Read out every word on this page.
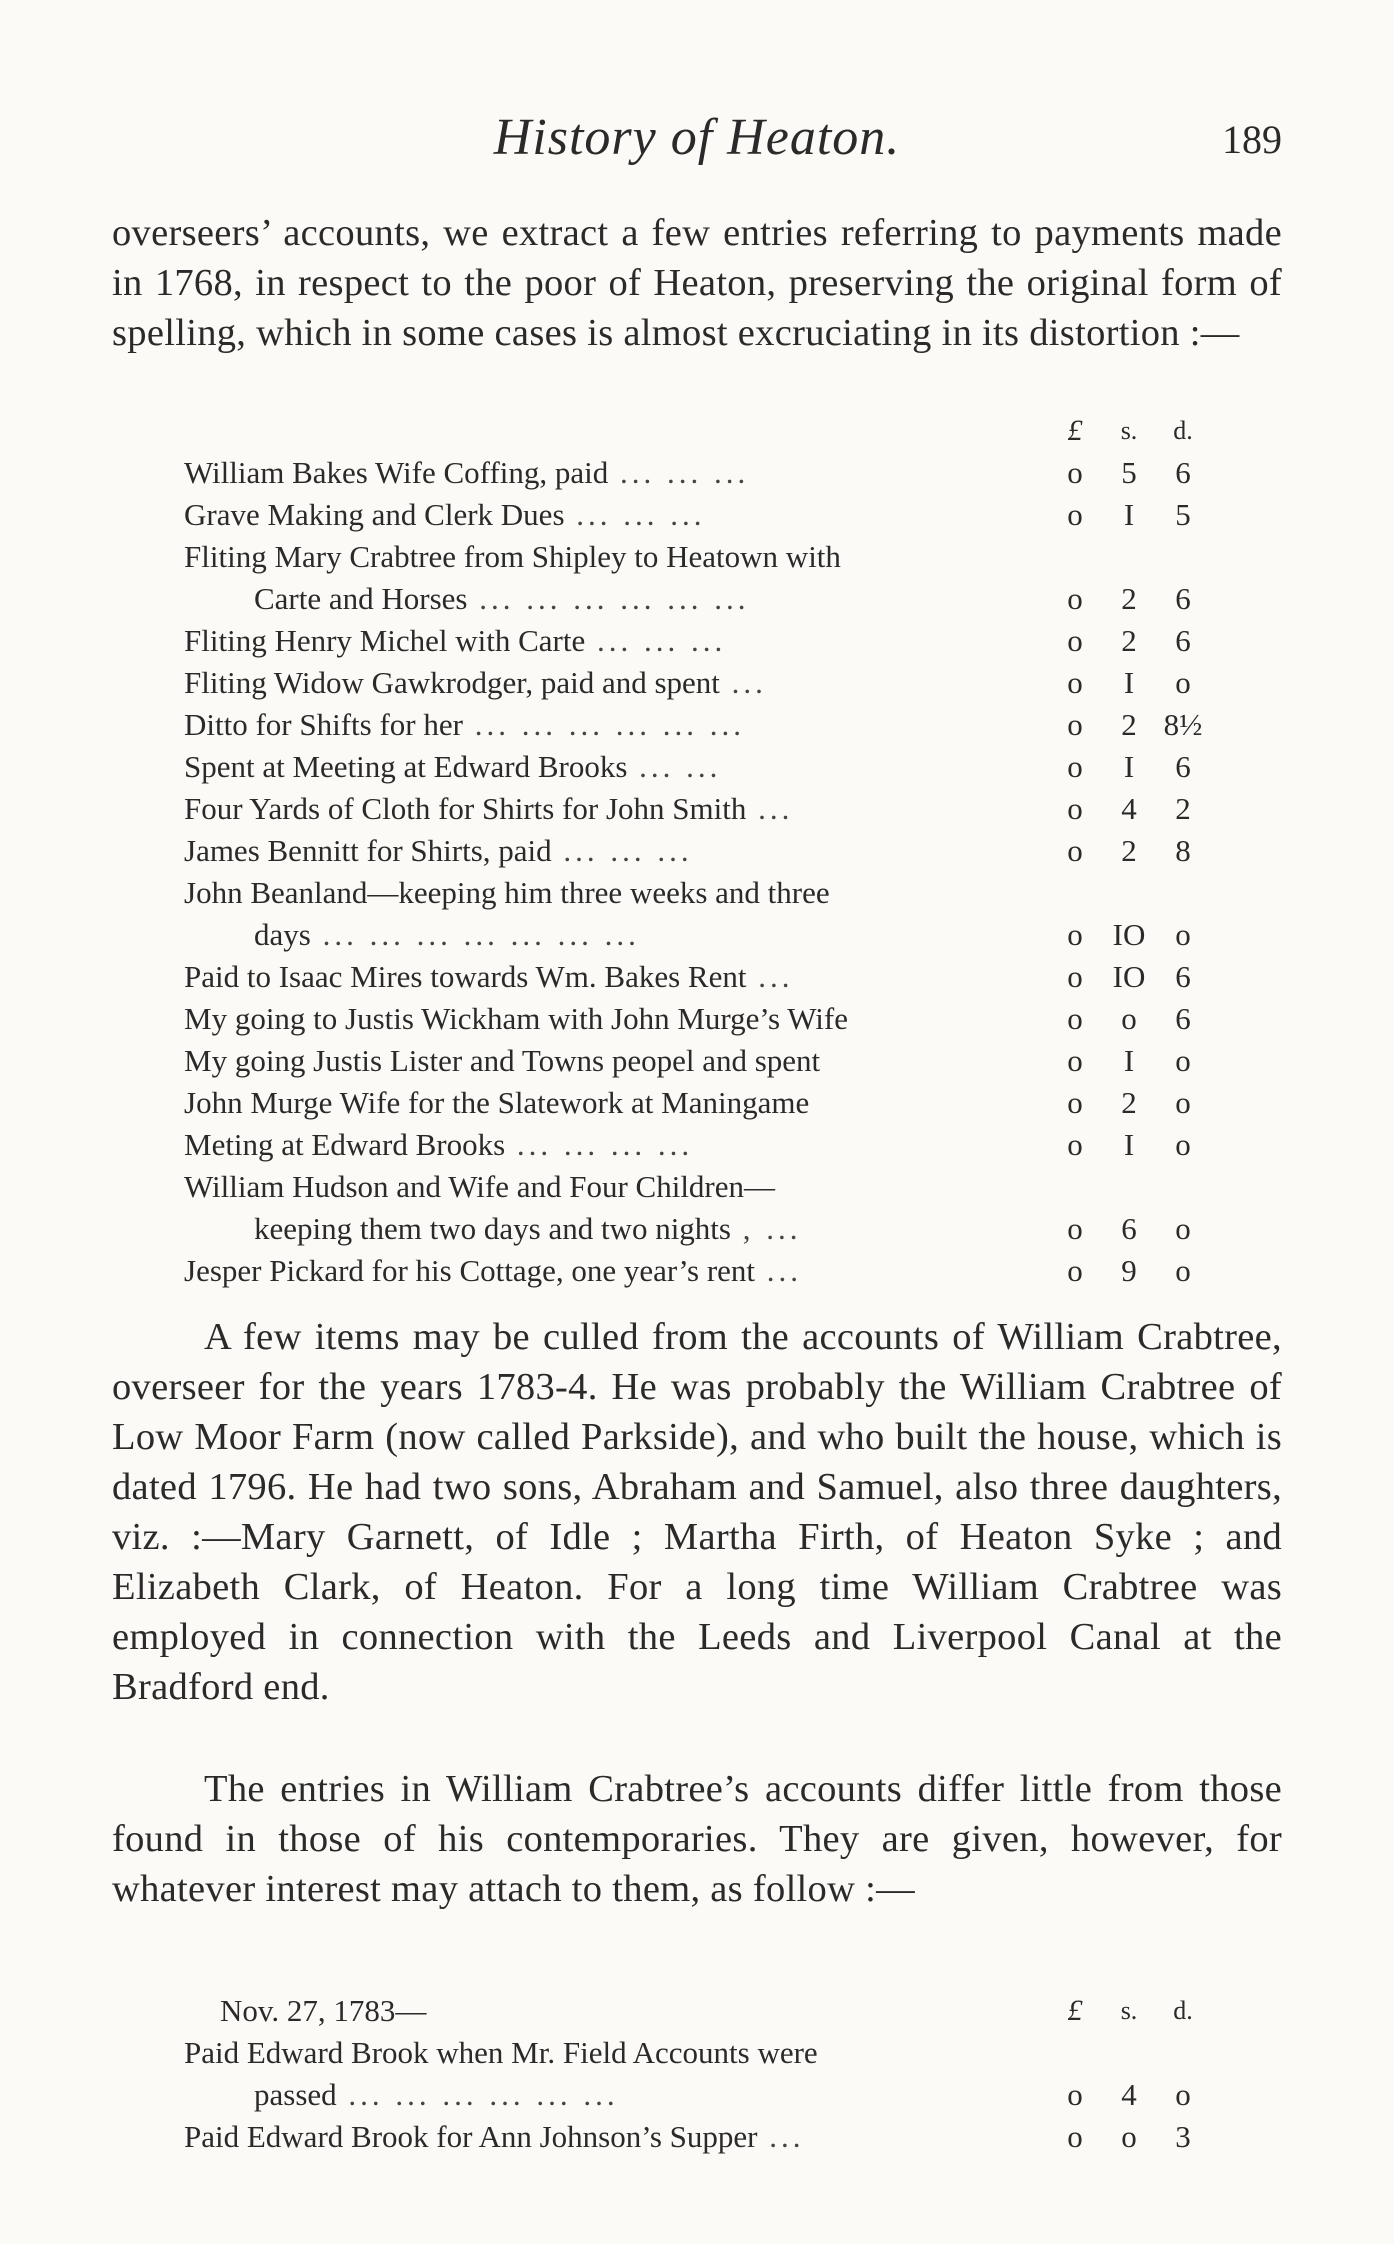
History of Heaton.	189

overseers’ accounts, we extract a few entries referring to payments made in 1768, in respect to the poor of Heaton, preserving the original form of spelling, which in some cases is almost excruciating in its distortion :—

£	s.	d.
William Bakes Wife Coffing, paid ... ... ...	o	5	6
Grave Making and Clerk Dues ... ... ...	o	I	5
Fliting Mary Crabtree from Shipley to Heatown with
Carte and Horses ... ... ... ... ... ...	o	2	6
Fliting Henry Michel with Carte ... ... ...	o	2	6
Fliting Widow Gawkrodger, paid and spent ...	o	I	o
Ditto for Shifts for her ... ... ... ... ... ...	o	2 8½
Spent at Meeting at Edward Brooks ... ...	o	I	6
Four Yards of Cloth for Shirts for John Smith ...	o	4	2
James Bennitt for Shirts, paid ... ... ...	o	2	8
John Beanland—keeping him three weeks and three
days ... ... ... ... ... ... ...	o IO o
Paid to Isaac Mires towards Wm. Bakes Rent ...	o IO 6
My going to Justis Wickham with John Murge’s Wife	o	o	6
My going Justis Lister and Towns peopel and spent	o	I	o
John Murge Wife for the Slatework at Maningame	o	2	o
Meting at Edward Brooks ... ... ... ...	o	I	o
William Hudson and Wife and Four Children—
keeping them two days and two nights , ...	o	6	o
Jesper Pickard for his Cottage, one year’s rent ...	o	9	o

A few items may be culled from the accounts of William Crabtree, overseer for the years 1783-4. He was probably the William Crabtree of Low Moor Farm (now called Parkside), and who built the house, which is dated 1796. He had two sons, Abraham and Samuel, also three daughters, viz. :—Mary Garnett, of Idle ; Martha Firth, of Heaton Syke ; and Elizabeth Clark, of Heaton. For a long time William Crabtree was employed in connection with the Leeds and Liverpool Canal at the Bradford end.

The entries in William Crabtree’s accounts differ little from those found in those of his contemporaries. They are given, however, for whatever interest may attach to them, as follow :—

Nov. 27, 1783—	£	s.	d.
Paid Edward Brook when Mr. Field Accounts were
passed ... ... ... ... ... ...	o	4	o
Paid Edward Brook for Ann Johnson’s Supper ...	o	o	3
